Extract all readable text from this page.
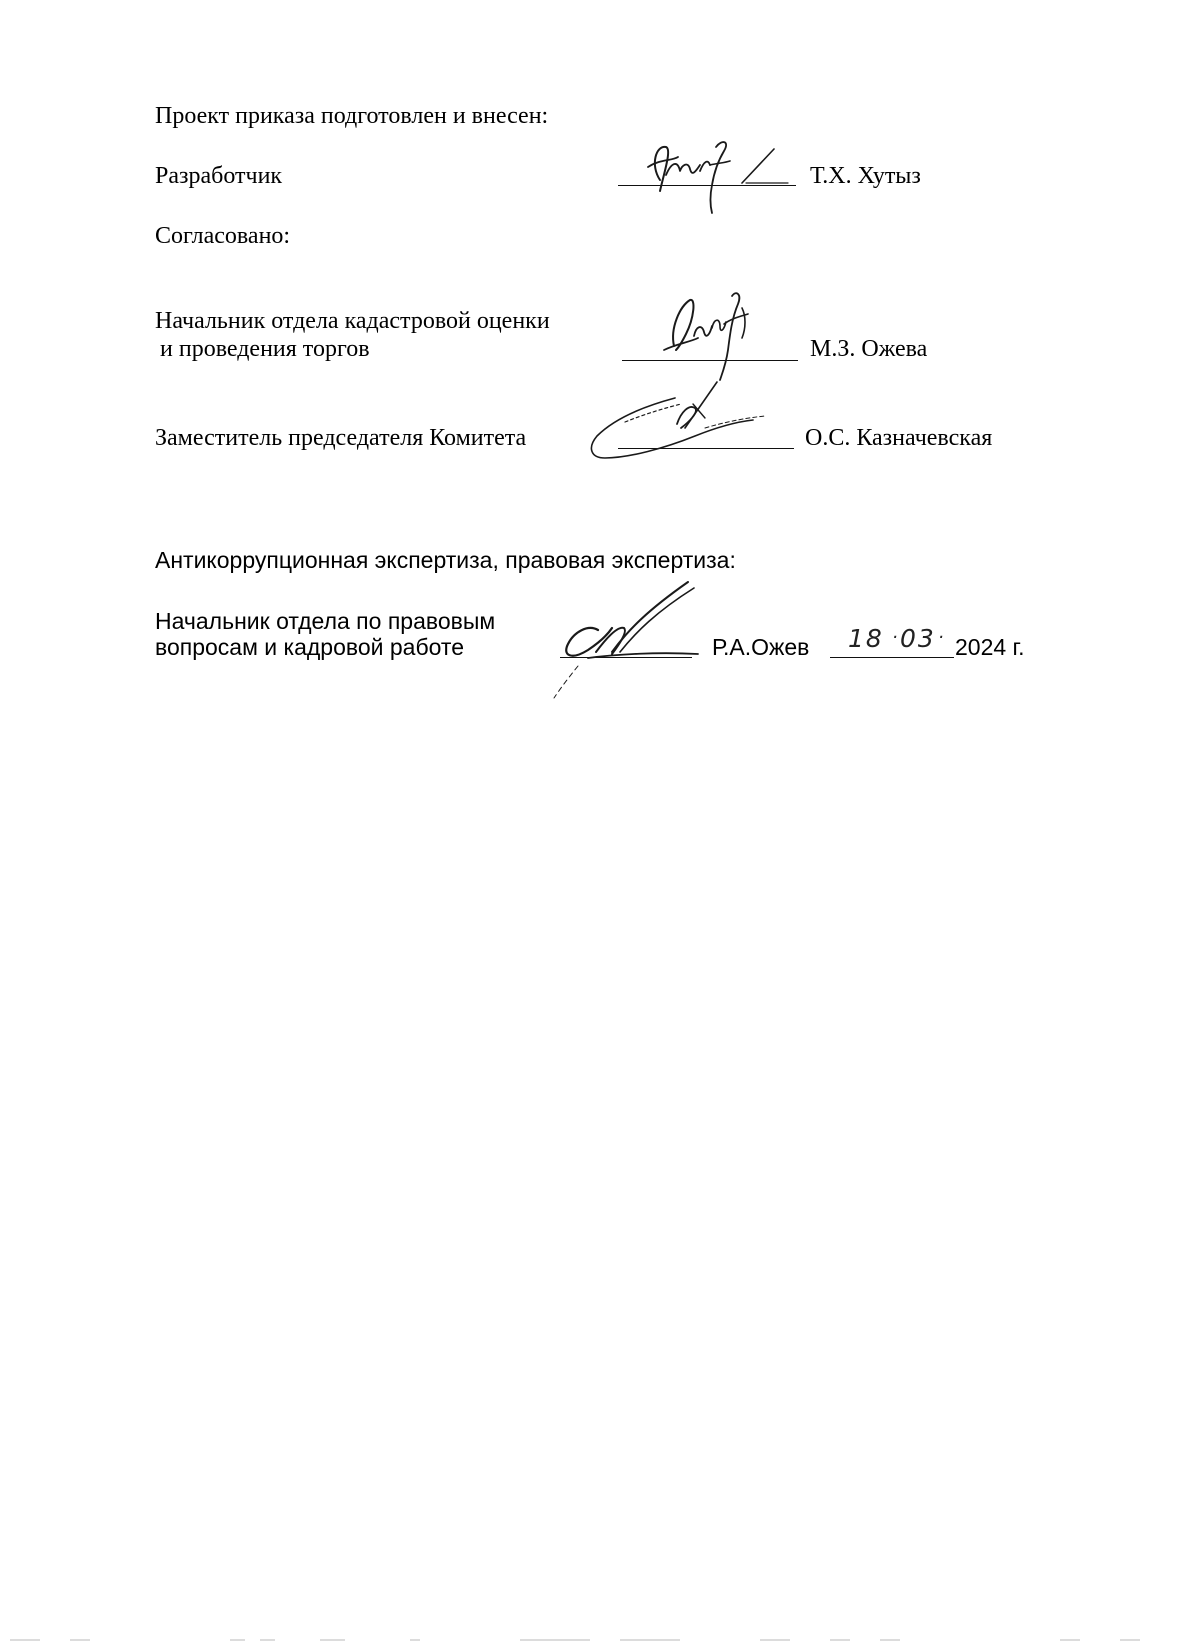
Проект приказа подготовлен и внесен:
Разработчик	Т.Х. Хутыз
Согласовано:
Начальник отдела кадастровой оценки
и проведения торгов	М.З. Ожева
Заместитель председателя Комитета	О.С. Казначевская
Антикоррупционная экспертиза, правовая экспертиза:
Начальник отдела по правовым
вопросам и кадровой работе	Р.А.Ожев 18 · 03 · 2024 г.
